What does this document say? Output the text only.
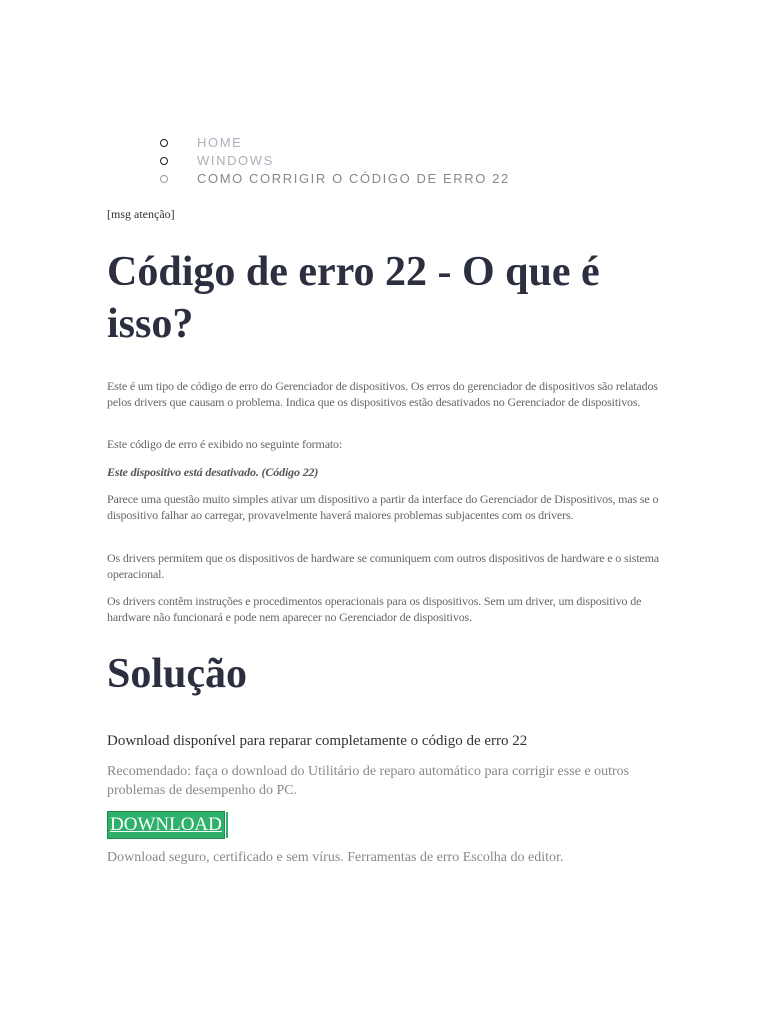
HOME
WINDOWS
COMO CORRIGIR O CÓDIGO DE ERRO 22
[msg atenção]
Código de erro 22 - O que é isso?

Este é um tipo de código de erro do Gerenciador de dispositivos. Os erros do gerenciador de dispositivos são relatados pelos drivers que causam o problema. Indica que os dispositivos estão desativados no Gerenciador de dispositivos.

Este código de erro é exibido no seguinte formato:

Este dispositivo está desativado. (Código 22)

Parece uma questão muito simples ativar um dispositivo a partir da interface do Gerenciador de Dispositivos, mas se o dispositivo falhar ao carregar, provavelmente haverá maiores problemas subjacentes com os drivers.

Os drivers permitem que os dispositivos de hardware se comuniquem com outros dispositivos de hardware e o sistema operacional.

Os drivers contêm instruções e procedimentos operacionais para os dispositivos. Sem um driver, um dispositivo de hardware não funcionará e pode nem aparecer no Gerenciador de dispositivos.

Solução
Download disponível para reparar completamente o código de erro 22
Recomendado: faça o download do Utilitário de reparo automático para corrigir esse e outros problemas de desempenho do PC.
DOWNLOAD
Download seguro, certificado e sem vírus. Ferramentas de erro Escolha do editor.
